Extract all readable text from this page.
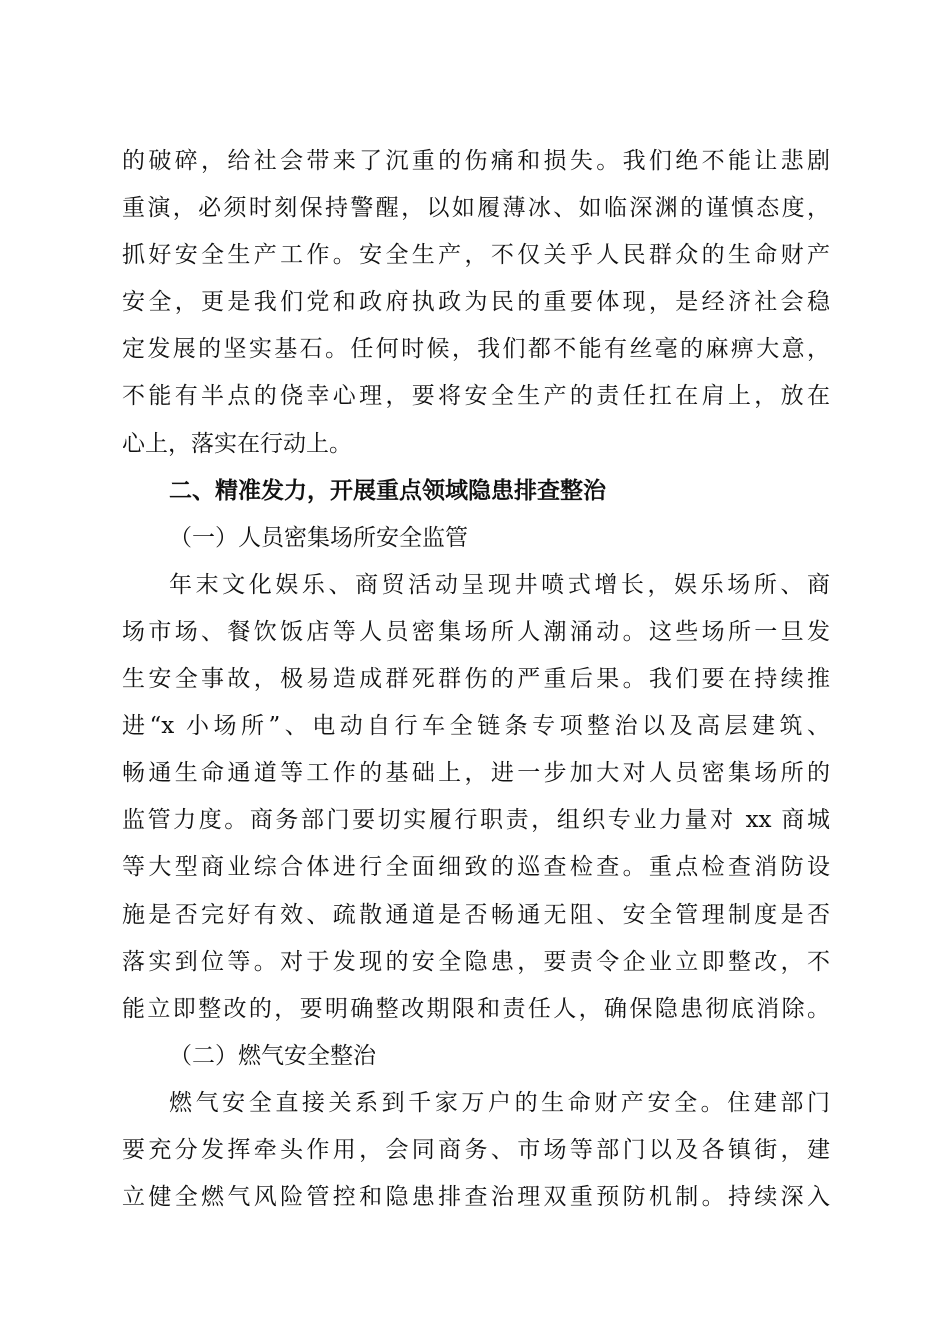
的破碎，给社会带来了沉重的伤痛和损失。我们绝不能让悲剧
重演，必须时刻保持警醒，以如履薄冰、如临深渊的谨慎态度，
抓好安全生产工作。安全生产，不仅关乎人民群众的生命财产
安全，更是我们党和政府执政为民的重要体现，是经济社会稳
定发展的坚实基石。任何时候，我们都不能有丝毫的麻痹大意，
不能有半点的侥幸心理，要将安全生产的责任扛在肩上，放在
心上，落实在行动上。
二、精准发力，开展重点领域隐患排查整治
（一）人员密集场所安全监管
年末文化娱乐、商贸活动呈现井喷式增长，娱乐场所、商
场市场、餐饮饭店等人员密集场所人潮涌动。这些场所一旦发
生安全事故，极易造成群死群伤的严重后果。我们要在持续推
进“x 小场所”、电动自行车全链条专项整治以及高层建筑、
畅通生命通道等工作的基础上，进一步加大对人员密集场所的
监管力度。商务部门要切实履行职责，组织专业力量对 xx 商城
等大型商业综合体进行全面细致的巡查检查。重点检查消防设
施是否完好有效、疏散通道是否畅通无阻、安全管理制度是否
落实到位等。对于发现的安全隐患，要责令企业立即整改，不
能立即整改的，要明确整改期限和责任人，确保隐患彻底消除。
（二）燃气安全整治
燃气安全直接关系到千家万户的生命财产安全。住建部门
要充分发挥牵头作用，会同商务、市场等部门以及各镇街，建
立健全燃气风险管控和隐患排查治理双重预防机制。持续深入
